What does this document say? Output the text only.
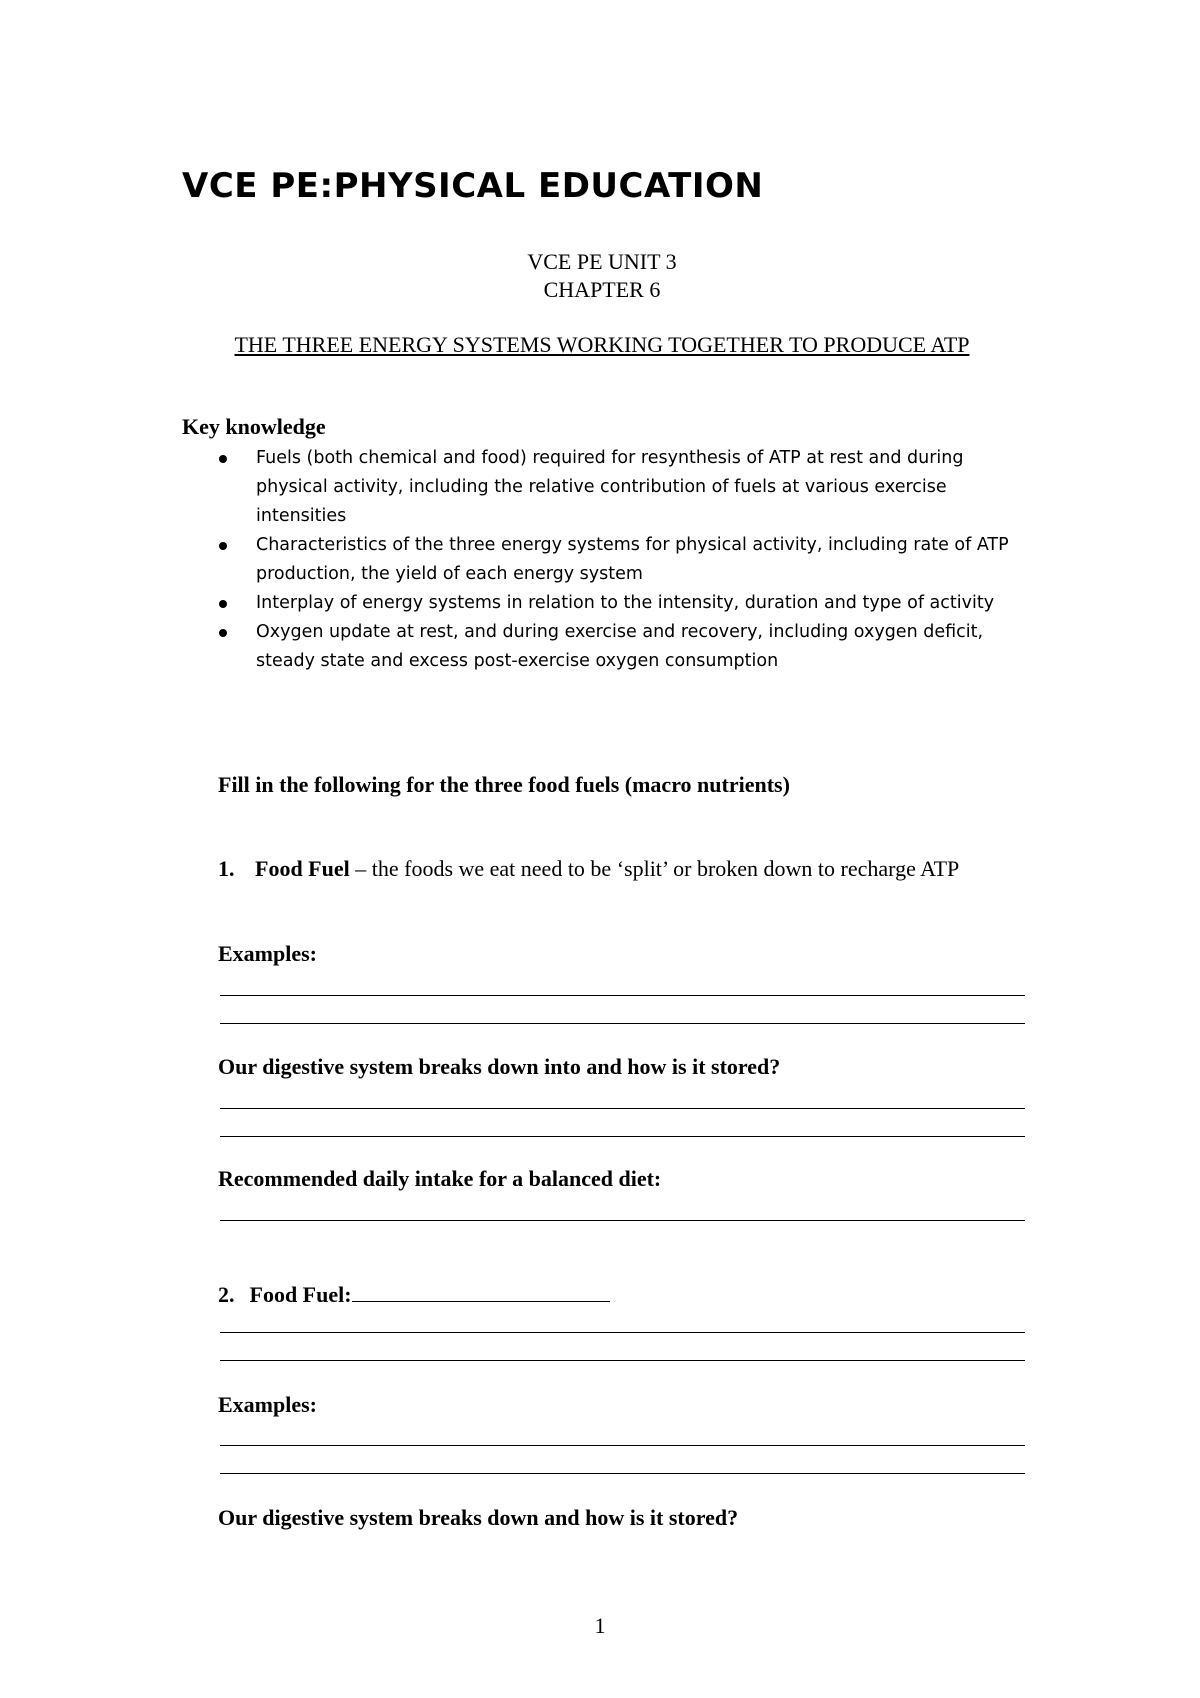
VCE PE:PHYSICAL EDUCATION
VCE PE UNIT 3
CHAPTER 6
THE THREE ENERGY SYSTEMS WORKING TOGETHER TO PRODUCE ATP
Key knowledge
Fuels (both chemical and food) required for resynthesis of ATP at rest and during physical activity, including the relative contribution of fuels at various exercise intensities
Characteristics of the three energy systems for physical activity, including rate of ATP production, the yield of each energy system
Interplay of energy systems in relation to the intensity, duration and type of activity
Oxygen update at rest, and during exercise and recovery, including oxygen deficit, steady state and excess post-exercise oxygen consumption

Fill in the following for the three food fuels (macro nutrients)

1. Food Fuel – the foods we eat need to be ‘split’ or broken down to recharge ATP

Examples:

Our digestive system breaks down into and how is it stored?

Recommended daily intake for a balanced diet:

2. Food Fuel:

Examples:

Our digestive system breaks down and how is it stored?

1
